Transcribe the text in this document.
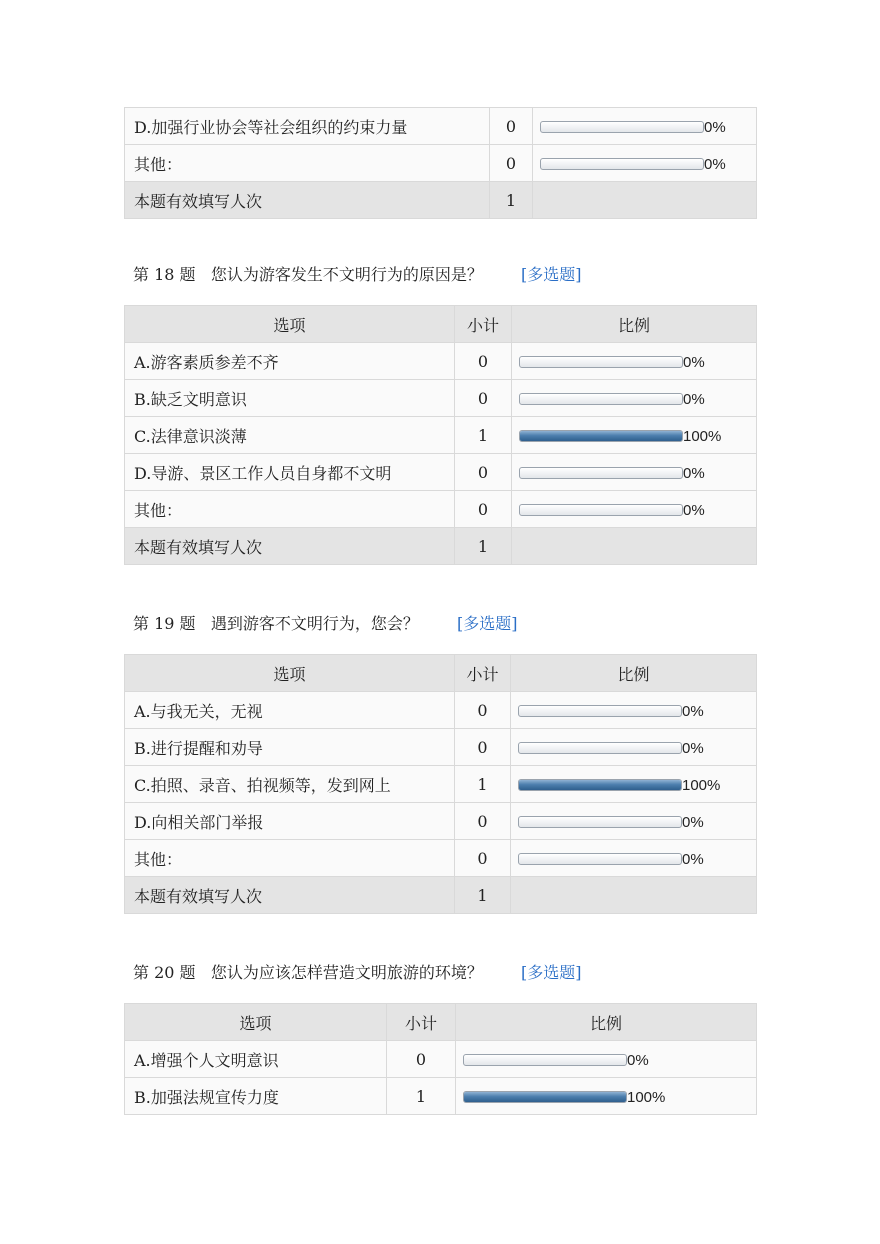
D.加强行业协会等社会组织的约束力量	0	0%
其他：	0	0%
本题有效填写人次	1	
第 18 题 您认为游客发生不文明行为的原因是？ [多选题]
选项	小计	比例
A.游客素质参差不齐	0	0%
B.缺乏文明意识	0	0%
C.法律意识淡薄	1	100%
D.导游、景区工作人员自身都不文明	0	0%
其他：	0	0%
本题有效填写人次	1	
第 19 题 遇到游客不文明行为，您会？ [多选题]
选项	小计	比例
A.与我无关，无视	0	0%
B.进行提醒和劝导	0	0%
C.拍照、录音、拍视频等，发到网上	1	100%
D.向相关部门举报	0	0%
其他：	0	0%
本题有效填写人次	1	
第 20 题 您认为应该怎样营造文明旅游的环境？ [多选题]
选项	小计	比例
A.增强个人文明意识	0	0%
B.加强法规宣传力度	1	100%
